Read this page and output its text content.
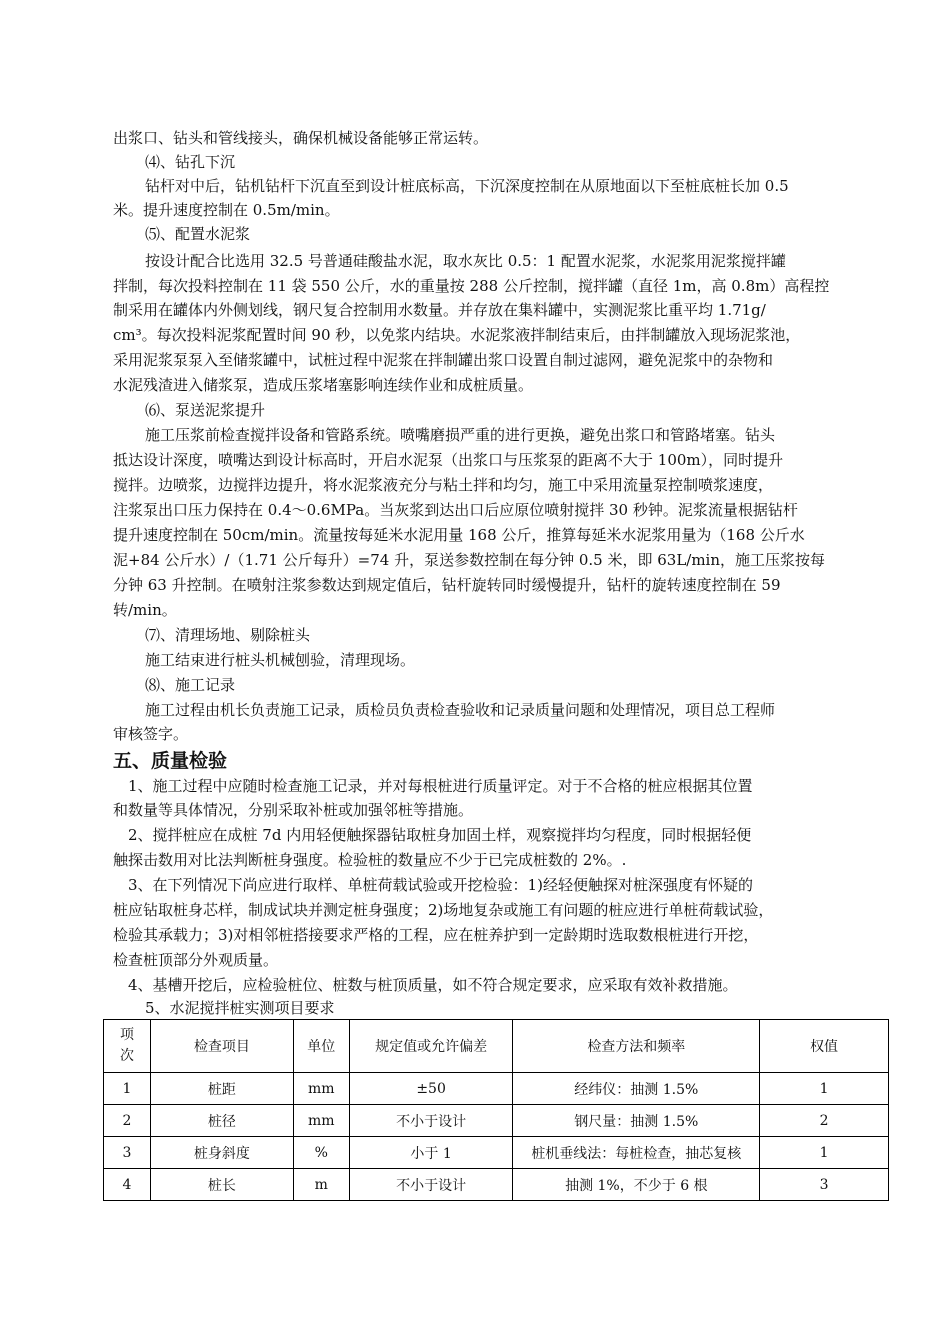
出浆口、钻头和管线接头，确保机械设备能够正常运转。
⑷、钻孔下沉
钻杆对中后，钻机钻杆下沉直至到设计桩底标高，下沉深度控制在从原地面以下至桩底桩长加 0.5
米。提升速度控制在 0.5m/min。
⑸、配置水泥浆
按设计配合比选用 32.5 号普通硅酸盐水泥，取水灰比 0.5：1 配置水泥浆，水泥浆用泥浆搅拌罐
拌制，每次投料控制在 11 袋 550 公斤，水的重量按 288 公斤控制，搅拌罐（直径 1m，高 0.8m）高程控
制采用在罐体内外侧划线，钢尺复合控制用水数量。并存放在集料罐中，实测泥浆比重平均 1.71g/
cm³。每次投料泥浆配置时间 90 秒，以免浆内结块。水泥浆液拌制结束后，由拌制罐放入现场泥浆池，
采用泥浆泵泵入至储浆罐中，试桩过程中泥浆在拌制罐出浆口设置自制过滤网，避免泥浆中的杂物和
水泥残渣进入储浆泵，造成压浆堵塞影响连续作业和成桩质量。
⑹、泵送泥浆提升
施工压浆前检查搅拌设备和管路系统。喷嘴磨损严重的进行更换，避免出浆口和管路堵塞。钻头
抵达设计深度，喷嘴达到设计标高时，开启水泥泵（出浆口与压浆泵的距离不大于 100m），同时提升
搅拌。边喷浆，边搅拌边提升，将水泥浆液充分与粘土拌和均匀，施工中采用流量泵控制喷浆速度，
注浆泵出口压力保持在 0.4～0.6MPa。当灰浆到达出口后应原位喷射搅拌 30 秒钟。泥浆流量根据钻杆
提升速度控制在 50cm/min。流量按每延米水泥用量 168 公斤，推算每延米水泥浆用量为（168 公斤水
泥+84 公斤水）/（1.71 公斤每升）=74 升，泵送参数控制在每分钟 0.5 米，即 63L/min，施工压浆按每
分钟 63 升控制。在喷射注浆参数达到规定值后，钻杆旋转同时缓慢提升，钻杆的旋转速度控制在 59
转/min。
⑺、清理场地、剔除桩头
施工结束进行桩头机械刨验，清理现场。
⑻、施工记录
施工过程由机长负责施工记录，质检员负责检查验收和记录质量问题和处理情况，项目总工程师
审核签字。
五、质量检验
1、施工过程中应随时检查施工记录，并对每根桩进行质量评定。对于不合格的桩应根据其位置
和数量等具体情况，分别采取补桩或加强邻桩等措施。
2、搅拌桩应在成桩 7d 内用轻便触探器钻取桩身加固土样，观察搅拌均匀程度，同时根据轻便
触探击数用对比法判断桩身强度。检验桩的数量应不少于已完成桩数的 2%。.
3、在下列情况下尚应进行取样、单桩荷载试验或开挖检验：1)经轻便触探对桩深强度有怀疑的
桩应钻取桩身芯样，制成试块并测定桩身强度；2)场地复杂或施工有问题的桩应进行单桩荷载试验，
检验其承载力；3)对相邻桩搭接要求严格的工程，应在桩养护到一定龄期时选取数根桩进行开挖，
检查桩顶部分外观质量。
4、基槽开挖后，应检验桩位、桩数与桩顶质量，如不符合规定要求，应采取有效补救措施。
5、水泥搅拌桩实测项目要求
项
次	检查项目	单位	规定值或允许偏差	检查方法和频率	权值
1	桩距	mm	±50	经纬仪：抽测 1.5%	1
2	桩径	mm	不小于设计	钢尺量：抽测 1.5%	2
3	桩身斜度	%	小于 1	桩机垂线法：每桩检查，抽芯复核	1
4	桩长	m	不小于设计	抽测 1%，不少于 6 根	3
